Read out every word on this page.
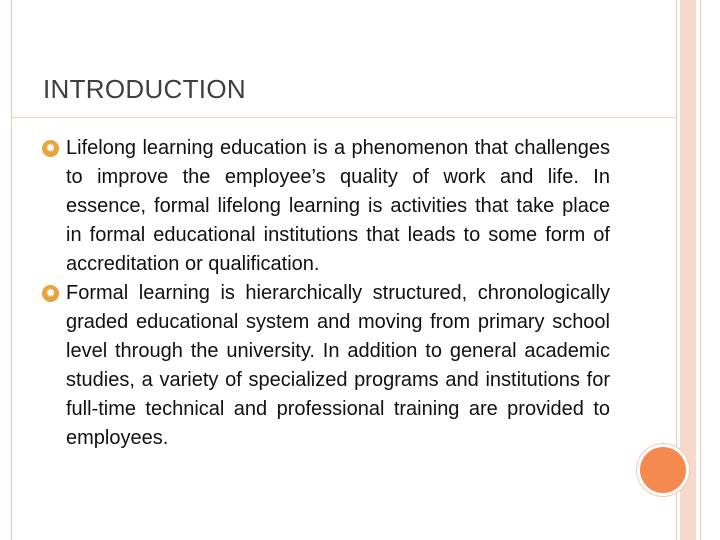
INTRODUCTION
✹ Lifelong learning education is a phenomenon that challenges to improve the employee’s quality of work and life. In essence, formal lifelong learning is activities that take place in formal educational institutions that leads to some form of accreditation or qualification.
✹ Formal learning is hierarchically structured, chronologically graded educational system and moving from primary school level through the university. In addition to general academic studies, a variety of specialized programs and institutions for full-time technical and professional training are provided to employees.
